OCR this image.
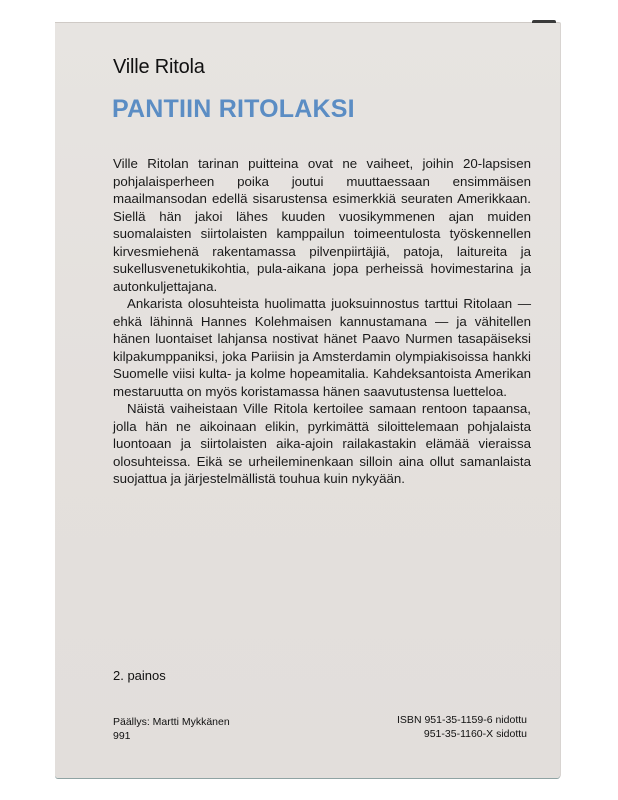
Ville Ritola
PANTIIN RITOLAKSI

Ville Ritolan tarinan puitteina ovat ne vaiheet, joihin 20-lapsisen pohjalaisperheen poika joutui muuttaessaan ensimmäisen maailmansodan edellä sisarustensa esimerkkiä seuraten Amerikkaan. Siellä hän jakoi lähes kuuden vuosikymmenen ajan muiden suomalaisten siirtolaisten kamppailun toimeentulosta työskennellen kirvesmiehenä rakentamassa pilvenpiirtäjiä, patoja, laitureita ja sukellusvenetukikohtia, pula-aikana jopa perheissä hovimestarina ja autonkuljettajana.

Ankarista olosuhteista huolimatta juoksuinnostus tarttui Ritolaan — ehkä lähinnä Hannes Kolehmaisen kannustamana — ja vähitellen hänen luontaiset lahjansa nostivat hänet Paavo Nurmen tasapäiseksi kilpakumppaniksi, joka Pariisin ja Amsterdamin olympiakisoissa hankki Suomelle viisi kulta- ja kolme hopeamitalia. Kahdeksantoista Amerikan mestaruutta on myös koristamassa hänen saavutustensa luetteloa.

Näistä vaiheistaan Ville Ritola kertoilee samaan rentoon tapaansa, jolla hän ne aikoinaan elikin, pyrkimättä siloittelemaan pohjalaista luontoaan ja siirtolaisten aika-ajoin railakastakin elämää vieraissa olosuhteissa. Eikä se urheileminenkaan silloin aina ollut samanlaista suojattua ja järjestelmällistä touhua kuin nykyään.

2. painos
Päällys: Martti Mykkänen
991
ISBN 951-35-1159-6 nidottu
951-35-1160-X sidottu
